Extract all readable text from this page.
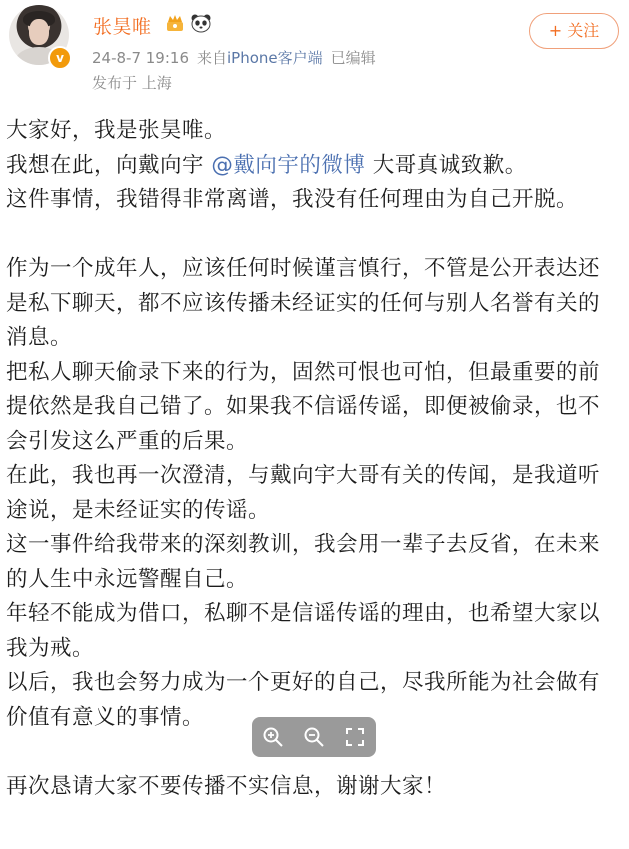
v
张昊唯
24-8-7 19:16 来自iPhone客户端 已编辑
发布于 上海
+ 关注

大家好，我是张昊唯。

我想在此，向戴向宇 @戴向宇的微博 大哥真诚致歉。

这件事情，我错得非常离谱，我没有任何理由为自己开脱。

作为一个成年人，应该任何时候谨言慎行，不管是公开表达还是私下聊天，都不应该传播未经证实的任何与别人名誉有关的消息。

把私人聊天偷录下来的行为，固然可恨也可怕，但最重要的前提依然是我自己错了。如果我不信谣传谣，即便被偷录，也不会引发这么严重的后果。

在此，我也再一次澄清，与戴向宇大哥有关的传闻，是我道听途说，是未经证实的传谣。

这一事件给我带来的深刻教训，我会用一辈子去反省，在未来的人生中永远警醒自己。

年轻不能成为借口，私聊不是信谣传谣的理由，也希望大家以我为戒。

以后，我也会努力成为一个更好的自己，尽我所能为社会做有价值有意义的事情。

再次恳请大家不要传播不实信息，谢谢大家！
